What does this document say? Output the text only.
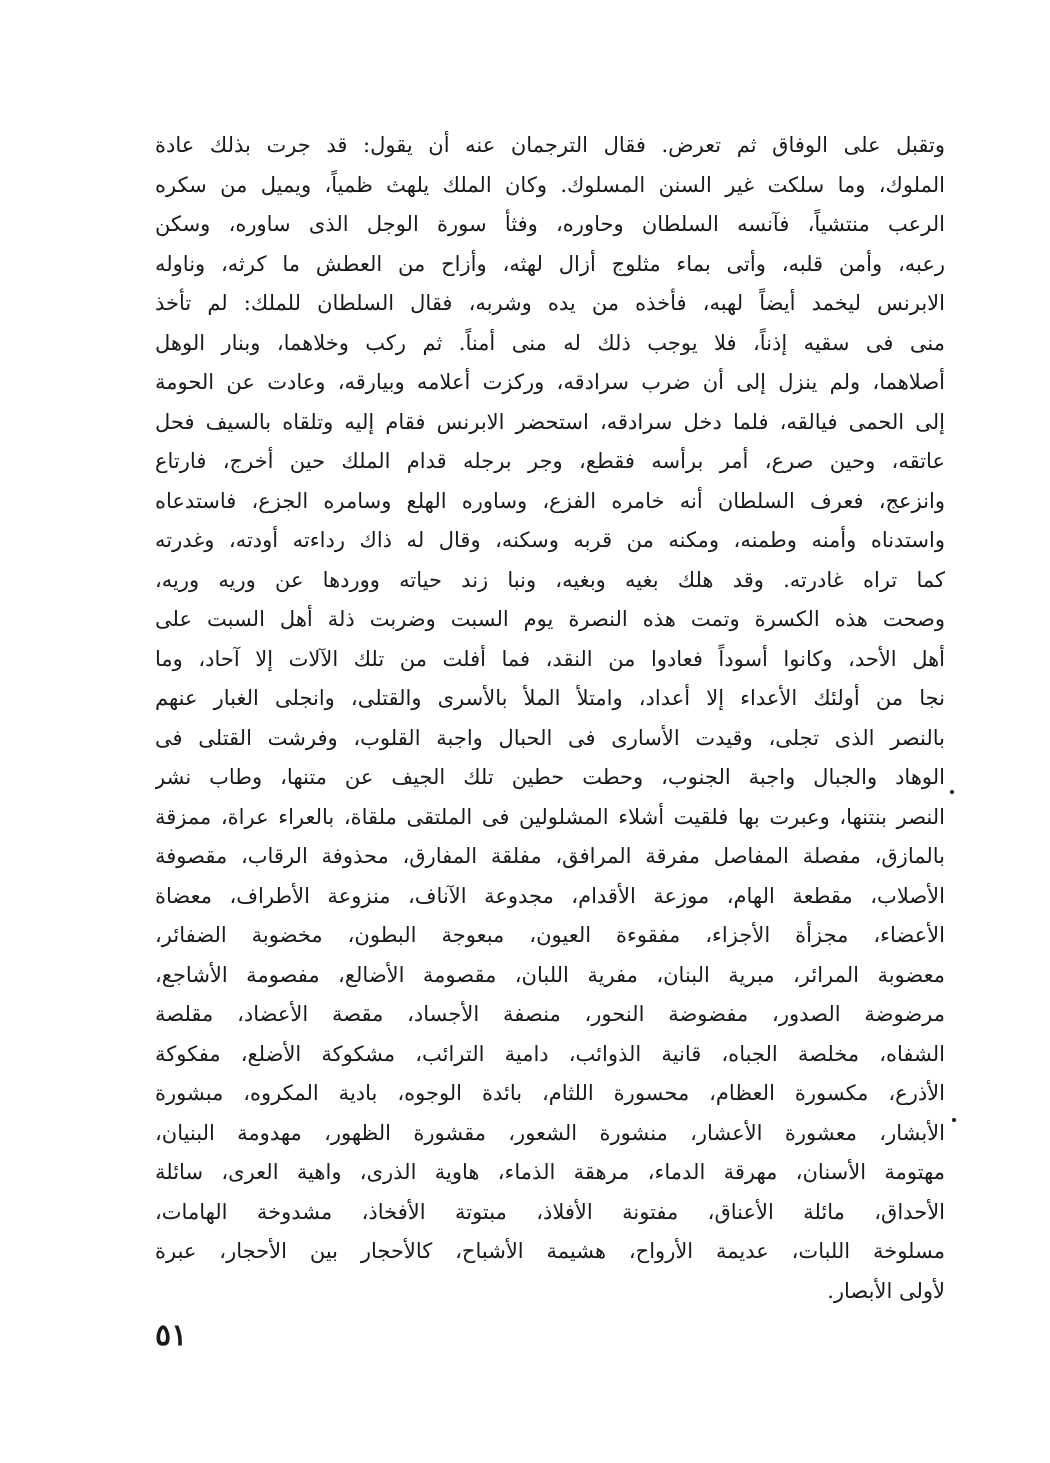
وتقبل على الوفاق ثم تعرض. فقال الترجمان عنه أن يقول: قد جرت بذلك عادة
الملوك، وما سلكت غير السنن المسلوك. وكان الملك يلهث ظمياً، ويميل من سكره
الرعب منتشياً، فآنسه السلطان وحاوره، وفثأ سورة الوجل الذى ساوره، وسكن
رعبه، وأمن قلبه، وأتى بماء مثلوج أزال لهثه، وأزاح من العطش ما كرثه، وناوله
الابرنس ليخمد أيضاً لهبه، فأخذه من يده وشربه، فقال السلطان للملك: لم تأخذ
منى فى سقيه إذناً، فلا يوجب ذلك له منى أمناً. ثم ركب وخلاهما، وبنار الوهل
أصلاهما، ولم ينزل إلى أن ضرب سرادقه، وركزت أعلامه وبيارقه، وعادت عن الحومة
إلى الحمى فيالقه، فلما دخل سرادقه، استحضر الابرنس فقام إليه وتلقاه بالسيف فحل
عاتقه، وحين صرع، أمر برأسه فقطع، وجر برجله قدام الملك حين أخرج، فارتاع
وانزعج، فعرف السلطان أنه خامره الفزع، وساوره الهلع وسامره الجزع، فاستدعاه
واستدناه وأمنه وطمنه، ومكنه من قربه وسكنه، وقال له ذاك رداءته أودته، وغدرته
كما تراه غادرته. وقد هلك بغيه وبغيه، ونبا زند حياته ووردها عن وريه وريه،
وصحت هذه الكسرة وتمت هذه النصرة يوم السبت وضربت ذلة أهل السبت على
أهل الأحد، وكانوا أسوداً فعادوا من النقد، فما أفلت من تلك الآلات إلا آحاد، وما
نجا من أولئك الأعداء إلا أعداد، وامتلأ الملأ بالأسرى والقتلى، وانجلى الغبار عنهم
بالنصر الذى تجلى، وقيدت الأسارى فى الحبال واجبة القلوب، وفرشت القتلى فى
الوهاد والجبال واجبة الجنوب، وحطت حطين تلك الجيف عن متنها، وطاب نشر
النصر بنتنها، وعبرت بها فلقيت أشلاء المشلولين فى الملتقى ملقاة، بالعراء عراة، ممزقة
بالمازق، مفصلة المفاصل مفرقة المرافق، مفلقة المفارق، محذوفة الرقاب، مقصوفة
الأصلاب، مقطعة الهام، موزعة الأقدام، مجدوعة الآناف، منزوعة الأطراف، معضاة
الأعضاء، مجزأة الأجزاء، مفقوءة العيون، مبعوجة البطون، مخضوبة الضفائر،
معضوبة المرائر، مبرية البنان، مفرية اللبان، مقصومة الأضالع، مفصومة الأشاجع،
مرضوضة الصدور، مفضوضة النحور، منصفة الأجساد، مقصة الأعضاد، مقلصة
الشفاه، مخلصة الجباه، قانية الذوائب، دامية الترائب، مشكوكة الأضلع، مفكوكة
الأذرع، مكسورة العظام، محسورة اللثام، بائدة الوجوه، بادية المكروه، مبشورة
الأبشار، معشورة الأعشار، منشورة الشعور، مقشورة الظهور، مهدومة البنيان،
مهتومة الأسنان، مهرقة الدماء، مرهقة الذماء، هاوية الذرى، واهية العرى، سائلة
الأحداق، مائلة الأعناق، مفتونة الأفلاذ، مبتوتة الأفخاذ، مشدوخة الهامات،
مسلوخة اللبات، عديمة الأرواح، هشيمة الأشباح، كالأحجار بين الأحجار، عبرة
لأولى الأبصار.
٥١
